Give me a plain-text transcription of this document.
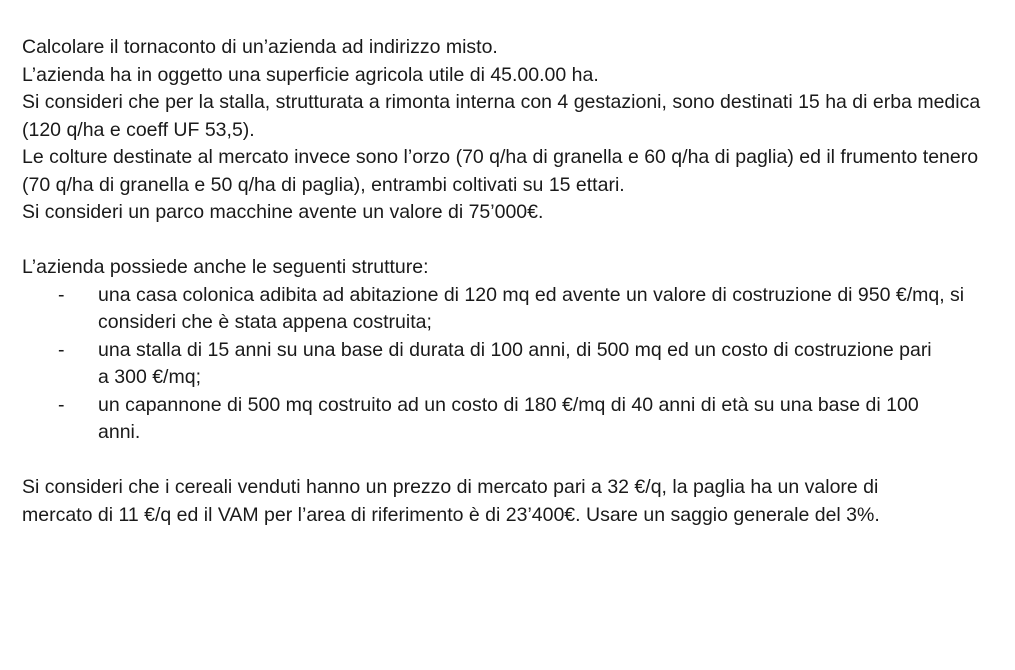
Calcolare il tornaconto di un’azienda ad indirizzo misto.

L’azienda ha in oggetto una superficie agricola utile di 45.00.00 ha.

Si consideri che per la stalla, strutturata a rimonta interna con 4 gestazioni, sono destinati 15 ha di erba medica (120 q/ha e coeff UF 53,5).

Le colture destinate al mercato invece sono l’orzo (70 q/ha di granella e 60 q/ha di paglia) ed il frumento tenero (70 q/ha di granella e 50 q/ha di paglia), entrambi coltivati su 15 ettari.

Si consideri un parco macchine avente un valore di 75’000€.

L’azienda possiede anche le seguenti strutture:

- una casa colonica adibita ad abitazione di 120 mq ed avente un valore di costruzione di 950 €/mq, si consideri che è stata appena costruita;
- una stalla di 15 anni su una base di durata di 100 anni, di 500 mq ed un costo di costruzione pari a 300 €/mq;
- un capannone di 500 mq costruito ad un costo di 180 €/mq di 40 anni di età su una base di 100 anni.

Si consideri che i cereali venduti hanno un prezzo di mercato pari a 32 €/q, la paglia ha un valore di mercato di 11 €/q ed il VAM per l’area di riferimento è di 23’400€. Usare un saggio generale del 3%.
